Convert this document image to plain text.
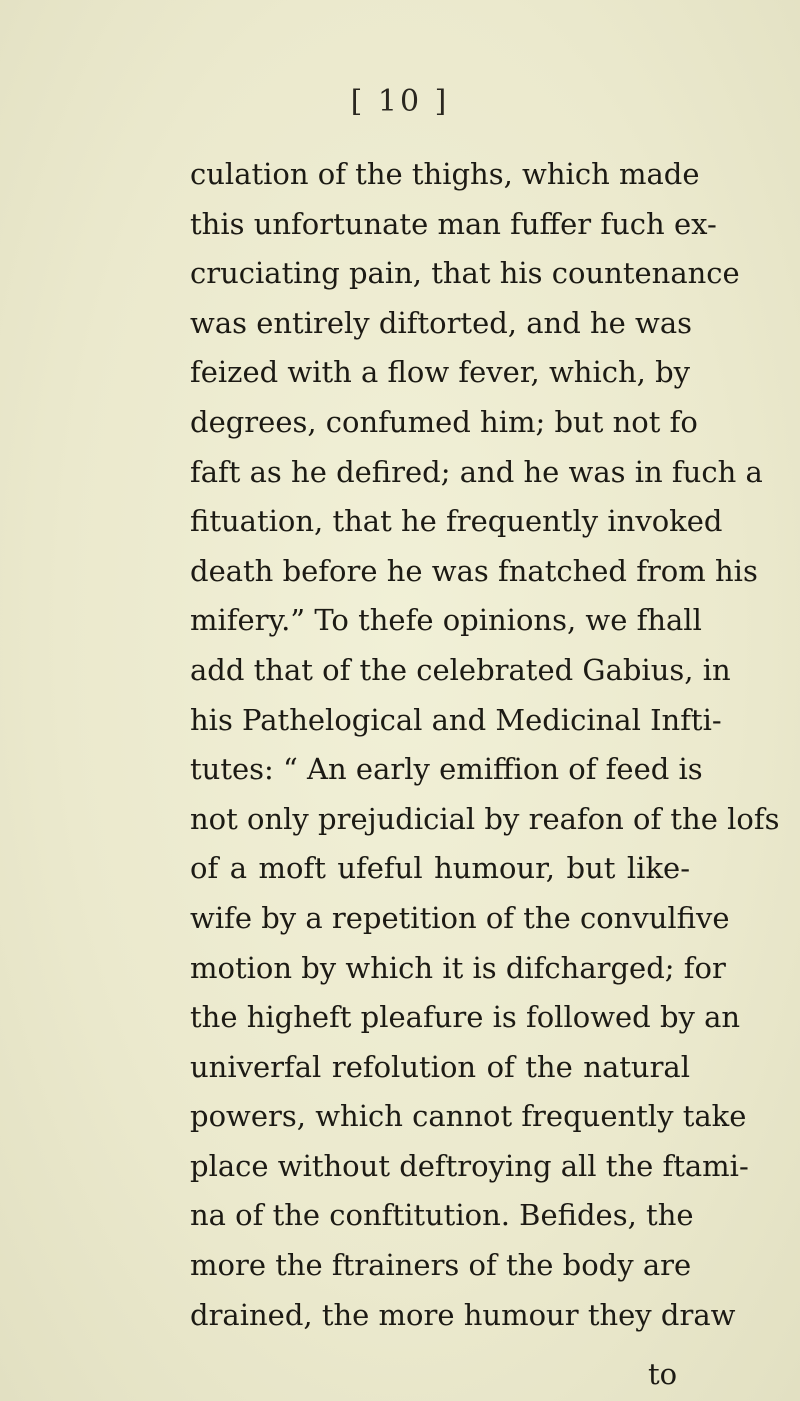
[ 10 ]
culation of the thighs, which made
this unfortunate man fuffer fuch ex-
cruciating pain, that his countenance
was entirely diftorted, and he was
feized with a flow fever, which, by
degrees, confumed him; but not fo
faft as he defired; and he was in fuch a
fituation, that he frequently invoked
death before he was fnatched from his
mifery.” To thefe opinions, we fhall
add that of the celebrated Gabius, in
his Pathelogical and Medicinal Infti-
tutes: “ An early emiffion of feed is
not only prejudicial by reafon of the lofs
of a moft ufeful humour, but like-
wife by a repetition of the convulfive
motion by which it is difcharged; for
the higheft pleafure is followed by an
univerfal refolution of the natural
powers, which cannot frequently take
place without deftroying all the ftami-
na of the conftitution. Befides, the
more the ftrainers of the body are
drained, the more humour they draw
to
